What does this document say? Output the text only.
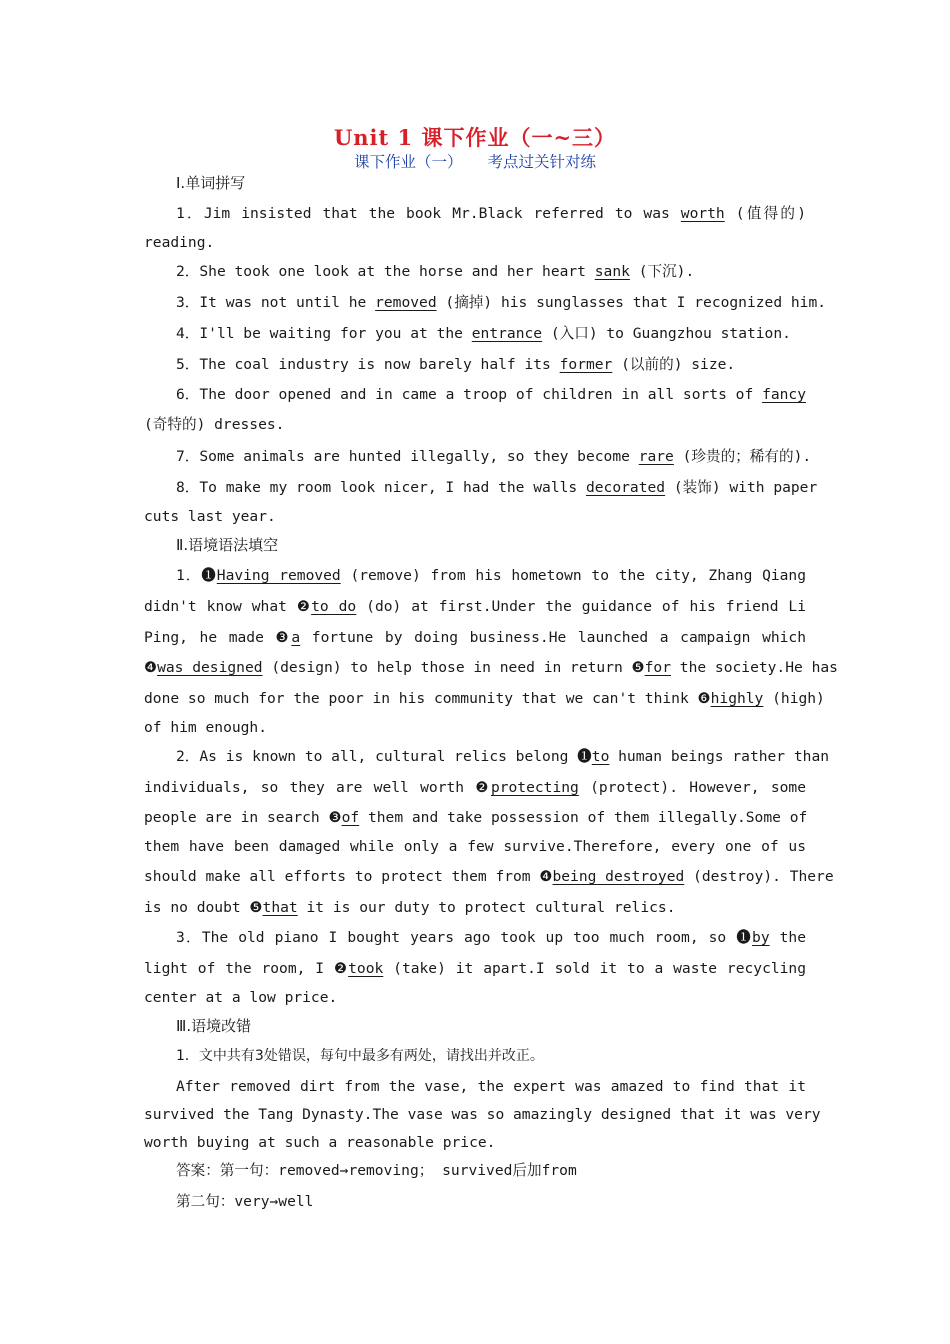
Unit 1 课下作业（一~三）
课下作业（一） 考点过关针对练
Ⅰ.单词拼写
1．Jim insisted that the book Mr.Black referred to was worth (值得的)
reading.
2．She took one look at the horse and her heart sank (下沉).
3．It was not until he removed (摘掉) his sunglasses that I recognized him.
4．I'll be waiting for you at the entrance (入口) to Guangzhou station.
5．The coal industry is now barely half its former (以前的) size.
6．The door opened and in came a troop of children in all sorts of fancy
(奇特的) dresses.
7．Some animals are hunted illegally, so they become rare (珍贵的；稀有的).
8．To make my room look nicer, I had the walls decorated (装饰) with paper
cuts last year.
Ⅱ.语境语法填空
1．❶Having removed (remove) from his hometown to the city, Zhang Qiang
didn't know what ❷to do (do) at first.Under the guidance of his friend Li
Ping, he made ❸a fortune by doing business.He launched a campaign which
❹was designed (design) to help those in need in return ❺for the society.He has
done so much for the poor in his community that we can't think ❻highly (high)
of him enough.
2．As is known to all, cultural relics belong ❶to human beings rather than
individuals, so they are well worth ❷protecting (protect). However, some
people are in search ❸of them and take possession of them illegally.Some of
them have been damaged while only a few survive.Therefore, every one of us
should make all efforts to protect them from ❹being destroyed (destroy). There
is no doubt ❺that it is our duty to protect cultural relics.
3．The old piano I bought years ago took up too much room, so ❶by the
light of the room, I ❷took (take) it apart.I sold it to a waste recycling
center at a low price.
Ⅲ.语境改错
1．文中共有3处错误，每句中最多有两处，请找出并改正。
After removed dirt from the vase, the expert was amazed to find that it
survived the Tang Dynasty.The vase was so amazingly designed that it was very
worth buying at such a reasonable price.
答案：第一句：removed→removing； survived后加from
第二句：very→well
